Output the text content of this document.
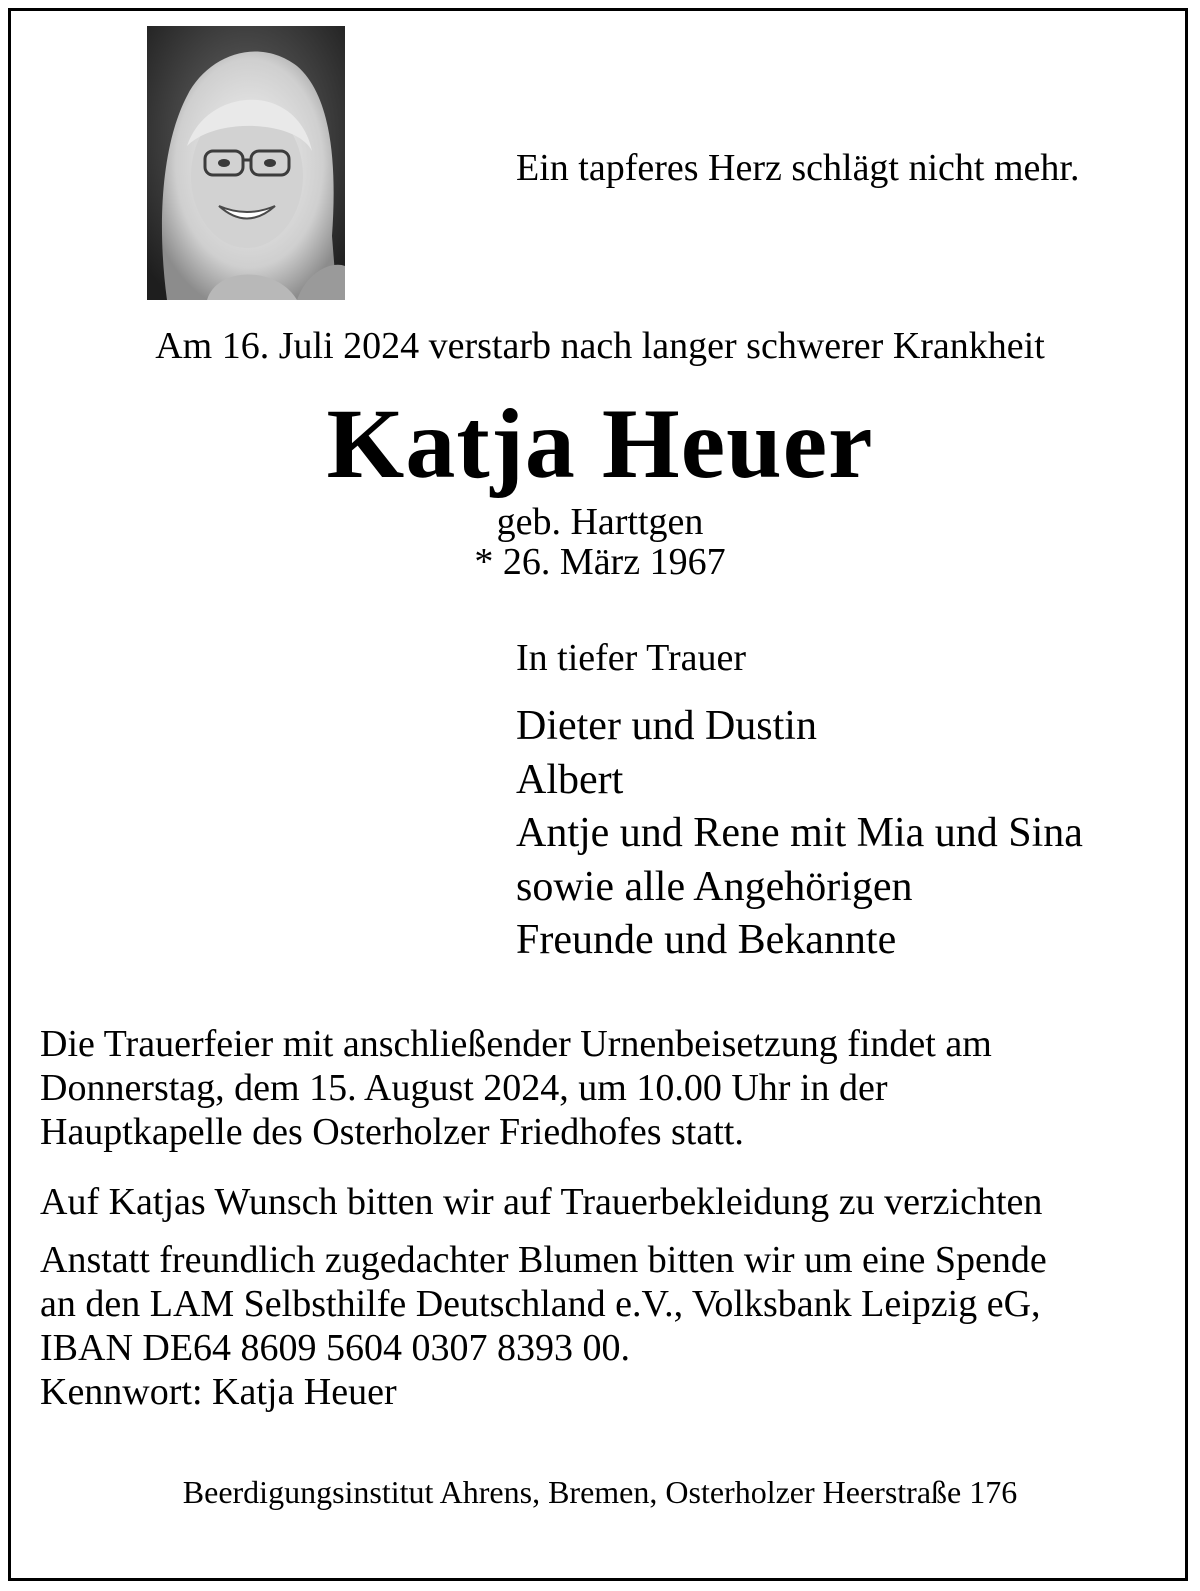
Ein tapferes Herz schlägt nicht mehr.
Am 16. Juli 2024 verstarb nach langer schwerer Krankheit
Katja Heuer
geb. Harttgen
* 26. März 1967
In tiefer Trauer
Dieter und Dustin
Albert
Antje und Rene mit Mia und Sina
sowie alle Angehörigen
Freunde und Bekannte
Die Trauerfeier mit anschließender Urnenbeisetzung findet am
Donnerstag, dem 15. August 2024, um 10.00 Uhr in der
Hauptkapelle des Osterholzer Friedhofes statt.
Auf Katjas Wunsch bitten wir auf Trauerbekleidung zu verzichten
Anstatt freundlich zugedachter Blumen bitten wir um eine Spende
an den LAM Selbsthilfe Deutschland e.V., Volksbank Leipzig eG,
IBAN DE64 8609 5604 0307 8393 00.
Kennwort: Katja Heuer
Beerdigungsinstitut Ahrens, Bremen, Osterholzer Heerstraße 176
